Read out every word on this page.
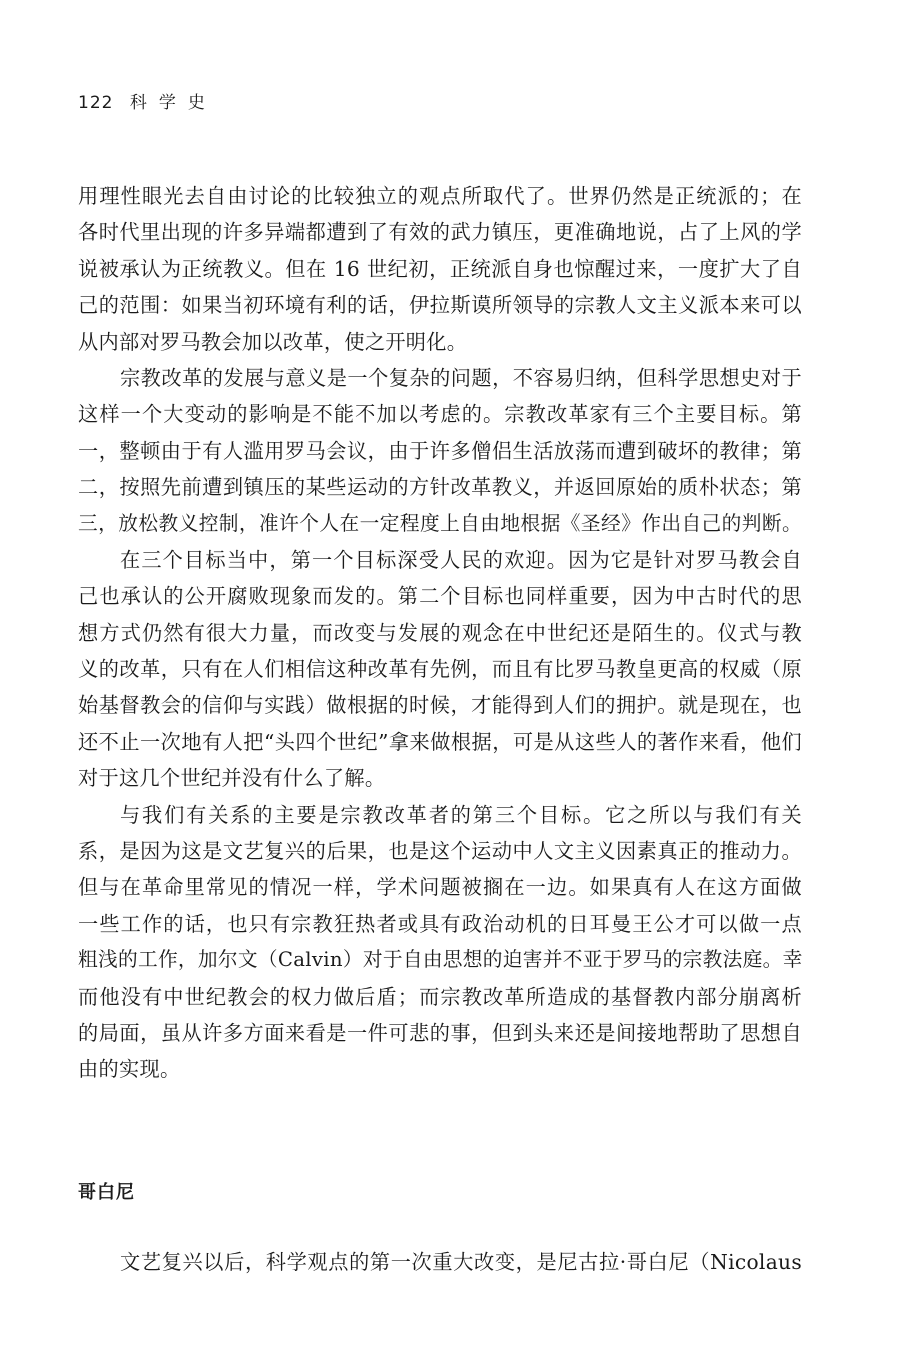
122 科学史
用理性眼光去自由讨论的比较独立的观点所取代了。世界仍然是正统派的；在
各时代里出现的许多异端都遭到了有效的武力镇压，更准确地说，占了上风的学
说被承认为正统教义。但在 16 世纪初，正统派自身也惊醒过来，一度扩大了自
己的范围：如果当初环境有利的话，伊拉斯谟所领导的宗教人文主义派本来可以
从内部对罗马教会加以改革，使之开明化。
宗教改革的发展与意义是一个复杂的问题，不容易归纳，但科学思想史对于
这样一个大变动的影响是不能不加以考虑的。宗教改革家有三个主要目标。第
一，整顿由于有人滥用罗马会议，由于许多僧侣生活放荡而遭到破坏的教律；第
二，按照先前遭到镇压的某些运动的方针改革教义，并返回原始的质朴状态；第
三，放松教义控制，准许个人在一定程度上自由地根据《圣经》作出自己的判断。
在三个目标当中，第一个目标深受人民的欢迎。因为它是针对罗马教会自
己也承认的公开腐败现象而发的。第二个目标也同样重要，因为中古时代的思
想方式仍然有很大力量，而改变与发展的观念在中世纪还是陌生的。仪式与教
义的改革，只有在人们相信这种改革有先例，而且有比罗马教皇更高的权威（原
始基督教会的信仰与实践）做根据的时候，才能得到人们的拥护。就是现在，也
还不止一次地有人把“头四个世纪”拿来做根据，可是从这些人的著作来看，他们
对于这几个世纪并没有什么了解。
与我们有关系的主要是宗教改革者的第三个目标。它之所以与我们有关
系，是因为这是文艺复兴的后果，也是这个运动中人文主义因素真正的推动力。
但与在革命里常见的情况一样，学术问题被搁在一边。如果真有人在这方面做
一些工作的话，也只有宗教狂热者或具有政治动机的日耳曼王公才可以做一点
粗浅的工作，加尔文（Calvin）对于自由思想的迫害并不亚于罗马的宗教法庭。幸
而他没有中世纪教会的权力做后盾；而宗教改革所造成的基督教内部分崩离析
的局面，虽从许多方面来看是一件可悲的事，但到头来还是间接地帮助了思想自
由的实现。
哥白尼
文艺复兴以后，科学观点的第一次重大改变，是尼古拉·哥白尼（Nicolaus
